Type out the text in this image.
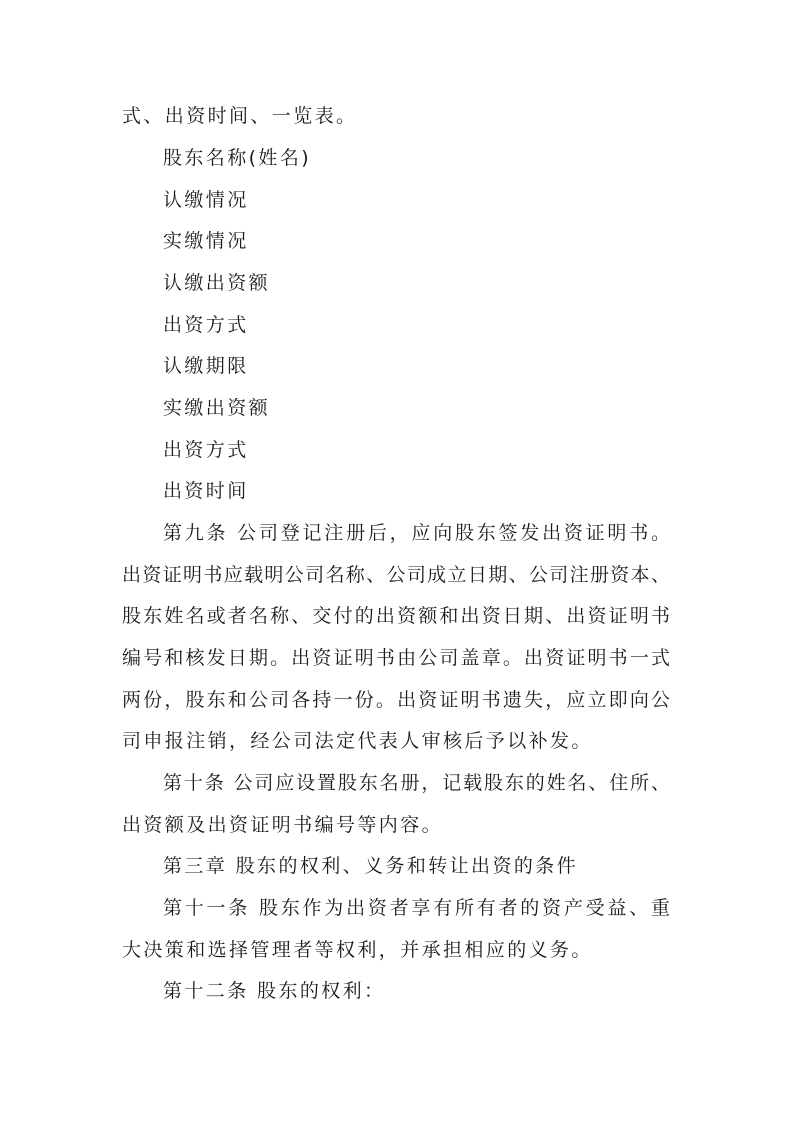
式、出资时间、一览表。
股东名称(姓名)
认缴情况
实缴情况
认缴出资额
出资方式
认缴期限
实缴出资额
出资方式
出资时间
第九条 公司登记注册后，应向股东签发出资证明书。
出资证明书应载明公司名称、公司成立日期、公司注册资本、
股东姓名或者名称、交付的出资额和出资日期、出资证明书
编号和核发日期。出资证明书由公司盖章。出资证明书一式
两份，股东和公司各持一份。出资证明书遗失，应立即向公
司申报注销，经公司法定代表人审核后予以补发。
第十条 公司应设置股东名册，记载股东的姓名、住所、
出资额及出资证明书编号等内容。
第三章 股东的权利、义务和转让出资的条件
第十一条 股东作为出资者享有所有者的资产受益、重
大决策和选择管理者等权利，并承担相应的义务。
第十二条 股东的权利：
